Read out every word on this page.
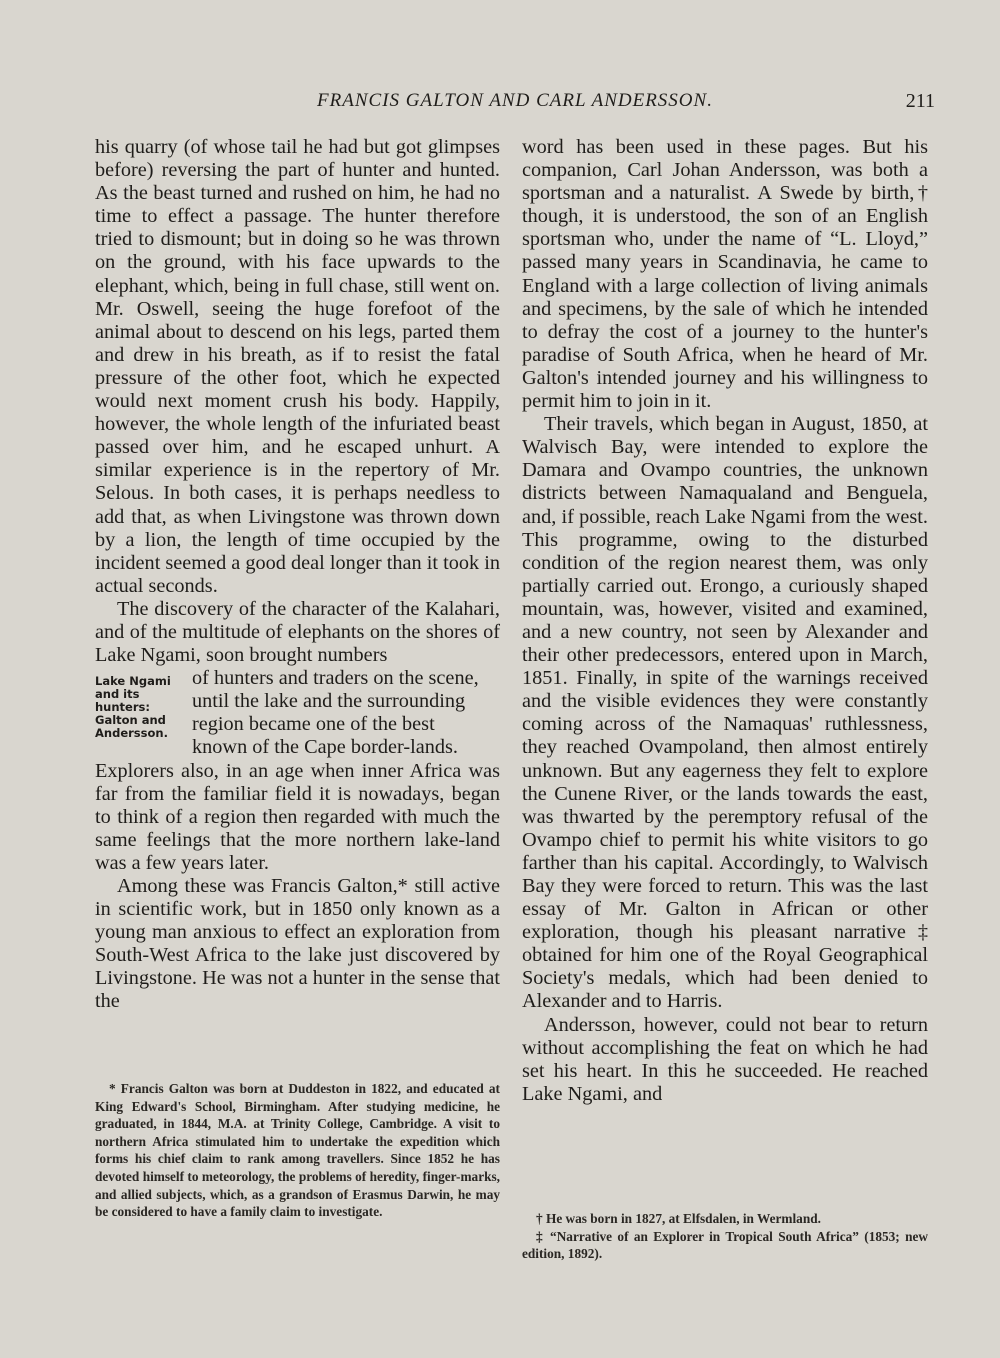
FRANCIS GALTON AND CARL ANDERSSON.	211

his quarry (of whose tail he had but got glimpses before) reversing the part of hunter and hunted. As the beast turned and rushed on him, he had no time to effect a passage. The hunter therefore tried to dismount; but in doing so he was thrown on the ground, with his face upwards to the elephant, which, being in full chase, still went on. Mr. Oswell, seeing the huge forefoot of the animal about to descend on his legs, parted them and drew in his breath, as if to resist the fatal pressure of the other foot, which he expected would next moment crush his body. Happily, however, the whole length of the infuriated beast passed over him, and he escaped unhurt. A similar experience is in the repertory of Mr. Selous. In both cases, it is perhaps needless to add that, as when Livingstone was thrown down by a lion, the length of time occupied by the incident seemed a good deal longer than it took in actual seconds.

The discovery of the character of the Kalahari, and of the multitude of elephants on the shores of Lake Ngami, soon brought numbers

Lake Ngami and its hunters: Galton and Andersson.

of hunters and traders on the scene,

until the lake and the surrounding

region became one of the best

known of the Cape border-lands.

Explorers also, in an age when inner Africa was far from the familiar field it is nowadays, began to think of a region then regarded with much the same feelings that the more northern lake-land was a few years later.

Among these was Francis Galton,* still active in scientific work, but in 1850 only known as a young man anxious to effect an exploration from South-West Africa to the lake just discovered by Livingstone. He was not a hunter in the sense that the

word has been used in these pages. But his companion, Carl Johan Andersson, was both a sportsman and a naturalist. A Swede by birth,† though, it is understood, the son of an English sportsman who, under the name of “L. Lloyd,” passed many years in Scandinavia, he came to England with a large collection of living animals and specimens, by the sale of which he intended to defray the cost of a journey to the hunter's paradise of South Africa, when he heard of Mr. Galton's intended journey and his willingness to permit him to join in it.

Their travels, which began in August, 1850, at Walvisch Bay, were intended to explore the Damara and Ovampo countries, the unknown districts between Namaqualand and Benguela, and, if possible, reach Lake Ngami from the west. This programme, owing to the disturbed condition of the region nearest them, was only partially carried out. Erongo, a curiously shaped mountain, was, however, visited and examined, and a new country, not seen by Alexander and their other predecessors, entered upon in March, 1851. Finally, in spite of the warnings received and the visible evidences they were constantly coming across of the Namaquas' ruthlessness, they reached Ovampoland, then almost entirely unknown. But any eagerness they felt to explore the Cunene River, or the lands towards the east, was thwarted by the peremptory refusal of the Ovampo chief to permit his white visitors to go farther than his capital. Accordingly, to Walvisch Bay they were forced to return. This was the last essay of Mr. Galton in African or other exploration, though his pleasant narrative‡ obtained for him one of the Royal Geographical Society's medals, which had been denied to Alexander and to Harris.

Andersson, however, could not bear to return without accomplishing the feat on which he had set his heart. In this he succeeded. He reached Lake Ngami, and

* Francis Galton was born at Duddeston in 1822, and educated at King Edward's School, Birmingham. After studying medicine, he graduated, in 1844, M.A. at Trinity College, Cambridge. A visit to northern Africa stimulated him to undertake the expedition which forms his chief claim to rank among travellers. Since 1852 he has devoted himself to meteorology, the problems of heredity, finger-marks, and allied subjects, which, as a grandson of Erasmus Darwin, he may be considered to have a family claim to investigate.	† He was born in 1827, at Elfsdalen, in Wermland.

‡ “Narrative of an Explorer in Tropical South Africa” (1853; new edition, 1892).
